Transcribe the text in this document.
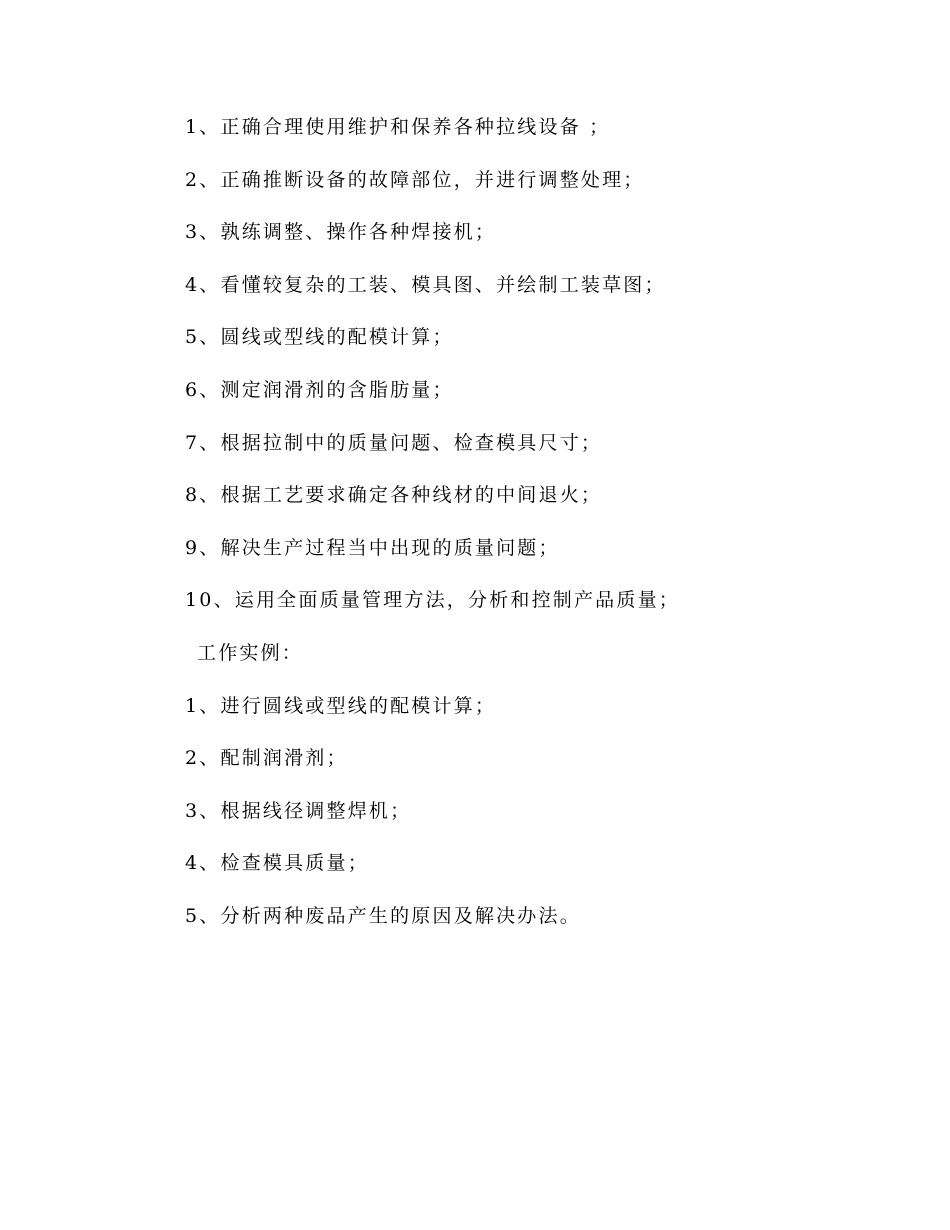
1、正确合理使用维护和保养各种拉线设备 ；
2、正确推断设备的故障部位，并进行调整处理；
3、孰练调整、操作各种焊接机；
4、看懂较复杂的工装、模具图、并绘制工装草图；
5、圆线或型线的配模计算；
6、测定润滑剂的含脂肪量；
7、根据拉制中的质量问题、检查模具尺寸；
8、根据工艺要求确定各种线材的中间退火；
9、解决生产过程当中出现的质量问题；
10、运用全面质量管理方法，分析和控制产品质量；
工作实例：
1、进行圆线或型线的配模计算；
2、配制润滑剂；
3、根据线径调整焊机；
4、检查模具质量；
5、分析两种废品产生的原因及解决办法。
